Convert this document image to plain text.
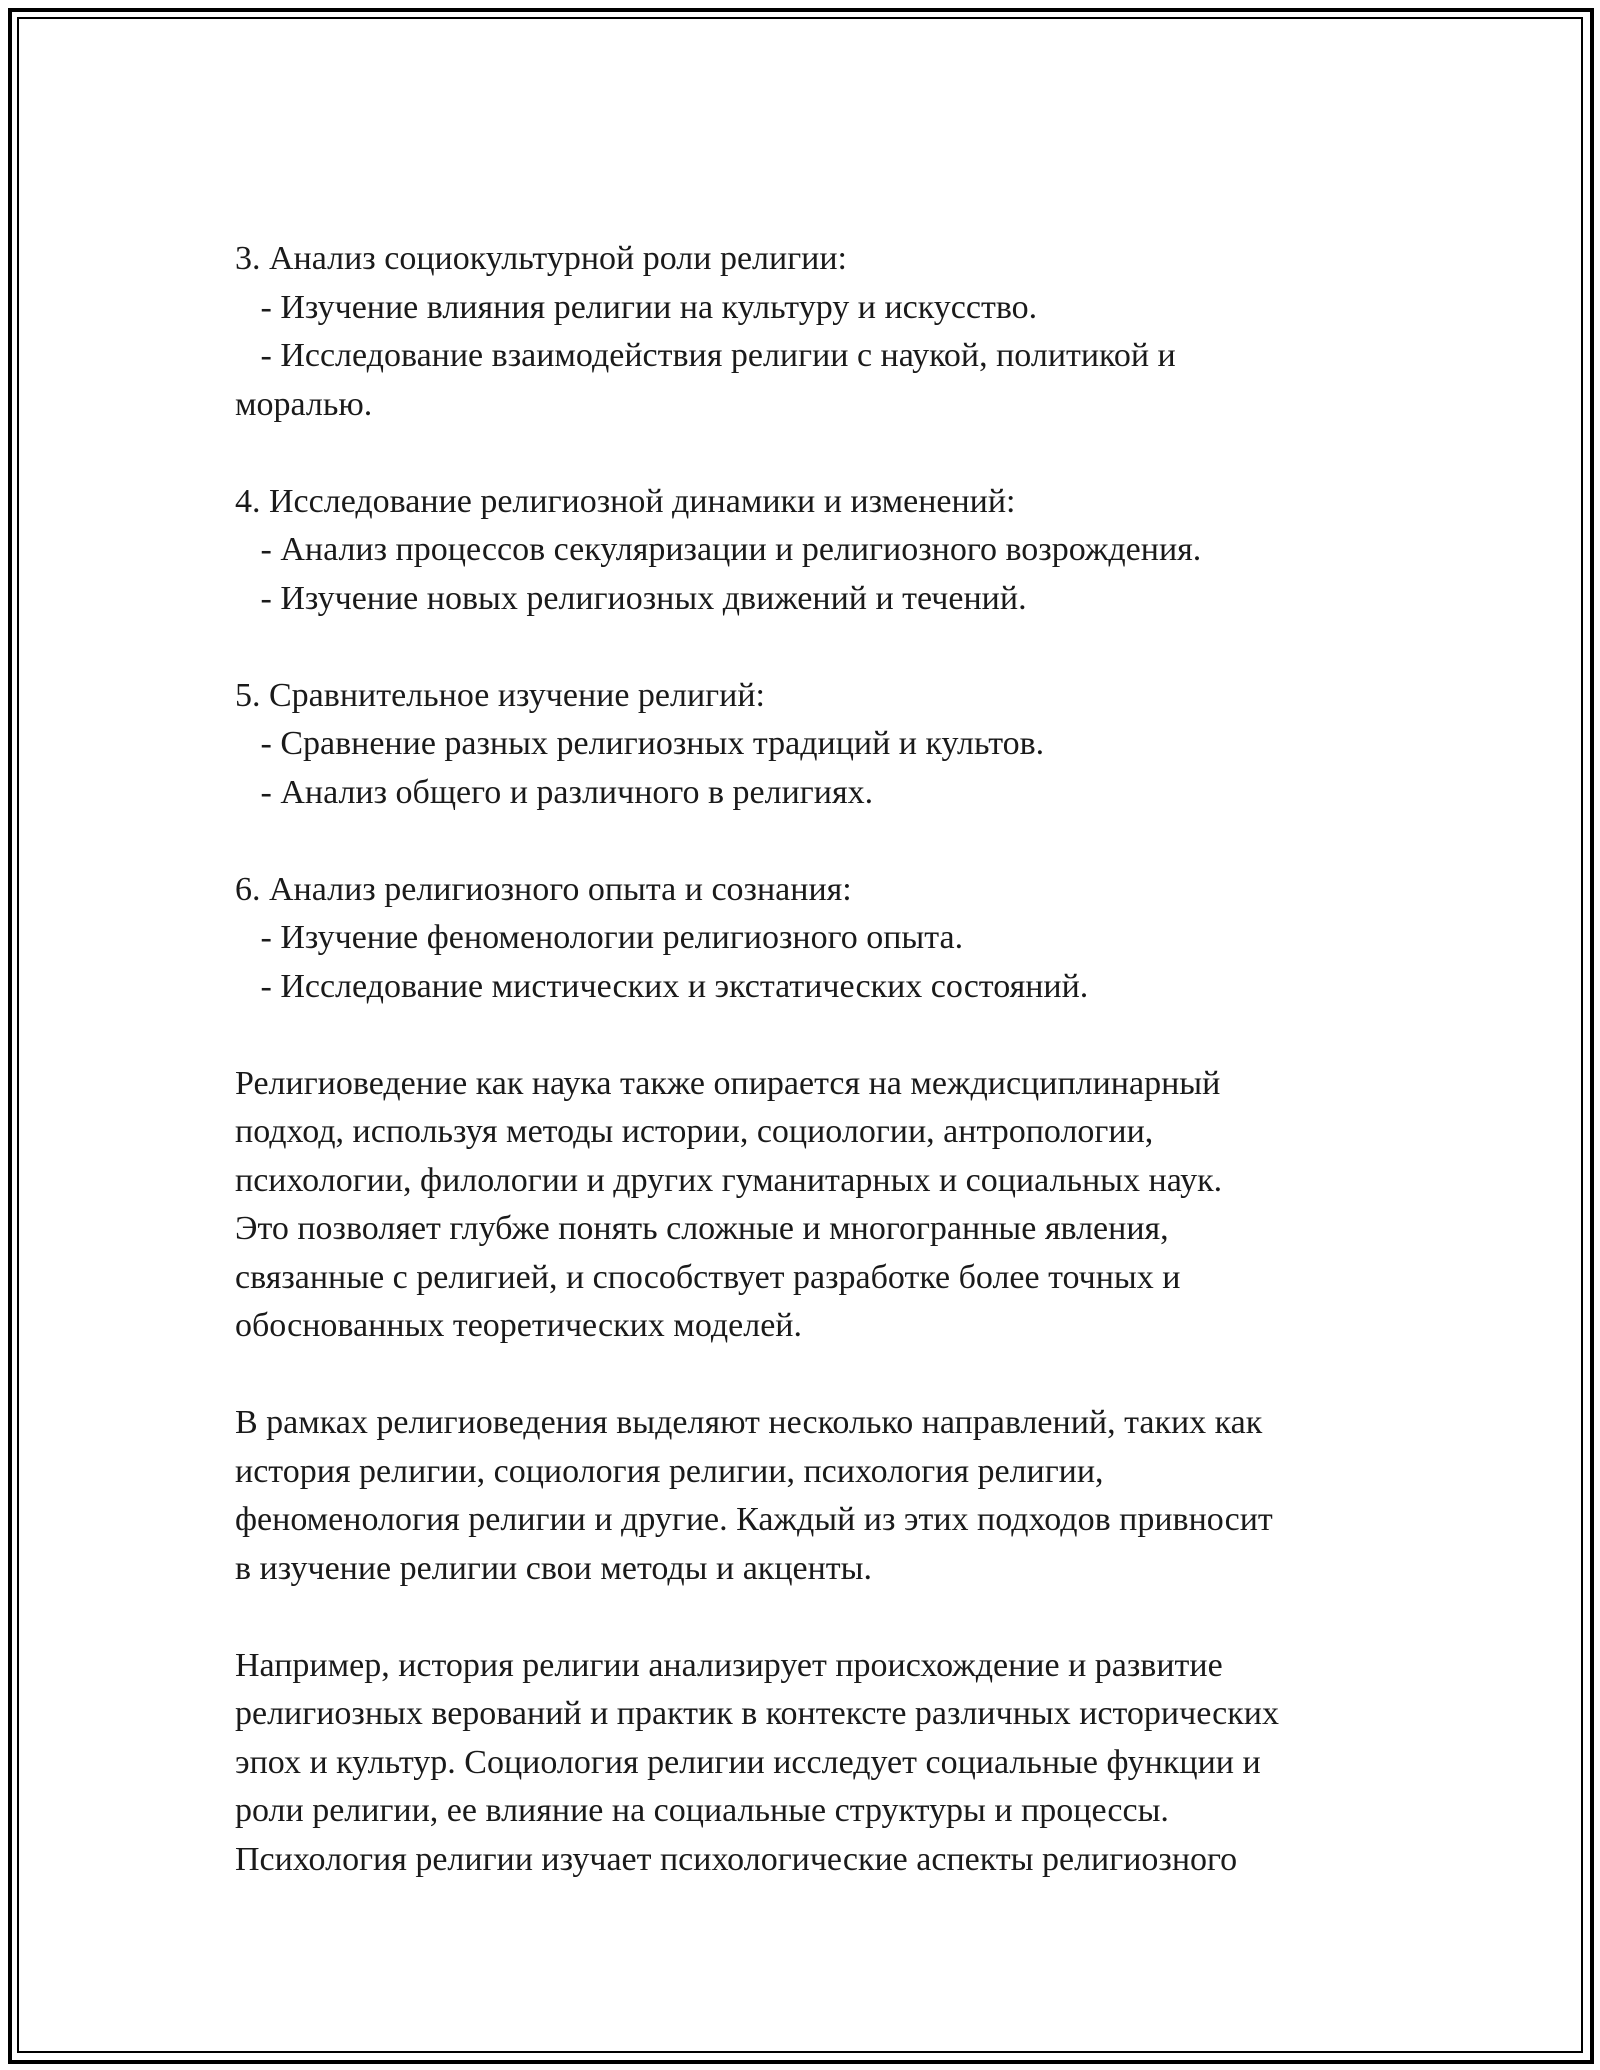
3. Анализ социокультурной роли религии:

- Изучение влияния религии на культуру и искусство.

- Исследование взаимодействия религии с наукой, политикой и

моралью.

4. Исследование религиозной динамики и изменений:

- Анализ процессов секуляризации и религиозного возрождения.

- Изучение новых религиозных движений и течений.

5. Сравнительное изучение религий:

- Сравнение разных религиозных традиций и культов.

- Анализ общего и различного в религиях.

6. Анализ религиозного опыта и сознания:

- Изучение феноменологии религиозного опыта.

- Исследование мистических и экстатических состояний.

Религиоведение как наука также опирается на междисциплинарный

подход, используя методы истории, социологии, антропологии,

психологии, филологии и других гуманитарных и социальных наук.

Это позволяет глубже понять сложные и многогранные явления,

связанные с религией, и способствует разработке более точных и

обоснованных теоретических моделей.

В рамках религиоведения выделяют несколько направлений, таких как

история религии, социология религии, психология религии,

феноменология религии и другие. Каждый из этих подходов привносит

в изучение религии свои методы и акценты.

Например, история религии анализирует происхождение и развитие

религиозных верований и практик в контексте различных исторических

эпох и культур. Социология религии исследует социальные функции и

роли религии, ее влияние на социальные структуры и процессы.

Психология религии изучает психологические аспекты религиозного
